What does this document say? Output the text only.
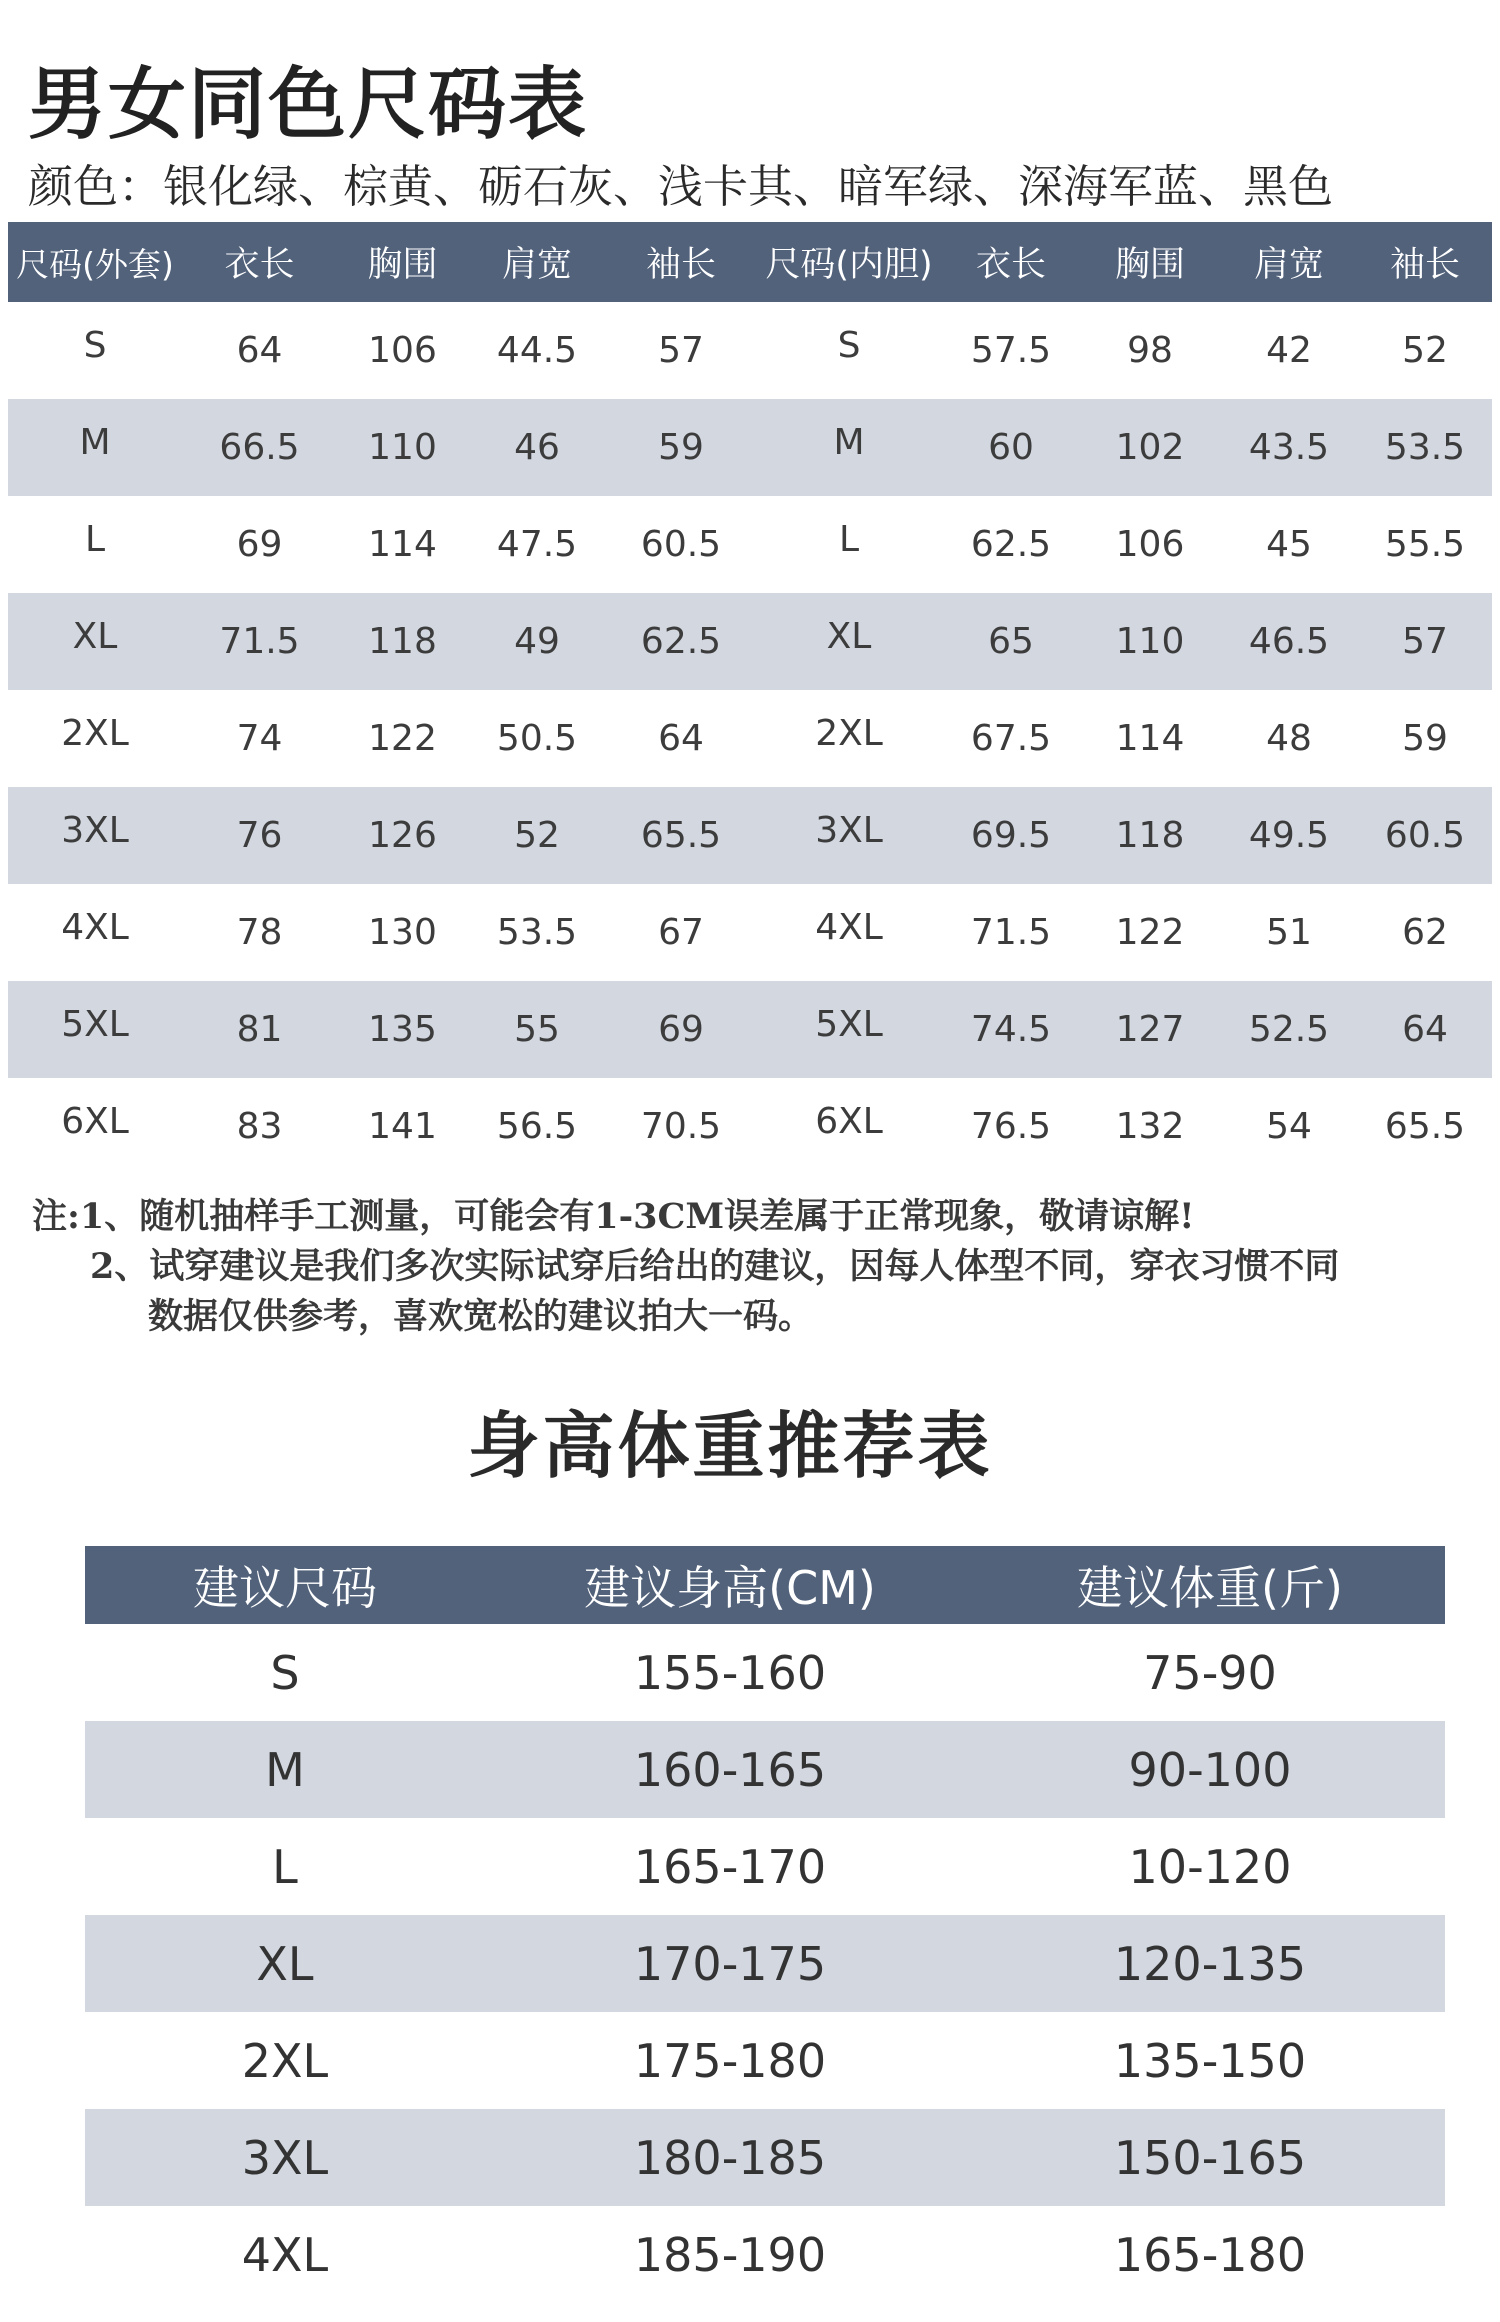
男女同色尺码表
颜色：银化绿、棕黄、砺石灰、浅卡其、暗军绿、深海军蓝、黑色
尺码(外套)	衣长	胸围	肩宽	袖长	尺码(内胆)	衣长	胸围	肩宽	袖长
S	64	106	44.5	57	S	57.5	98	42	52
M	66.5	110	46	59	M	60	102	43.5	53.5
L	69	114	47.5	60.5	L	62.5	106	45	55.5
XL	71.5	118	49	62.5	XL	65	110	46.5	57
2XL	74	122	50.5	64	2XL	67.5	114	48	59
3XL	76	126	52	65.5	3XL	69.5	118	49.5	60.5
4XL	78	130	53.5	67	4XL	71.5	122	51	62
5XL	81	135	55	69	5XL	74.5	127	52.5	64
6XL	83	141	56.5	70.5	6XL	76.5	132	54	65.5
注:1、随机抽样手工测量，可能会有1-3CM误差属于正常现象，敬请谅解!
2、试穿建议是我们多次实际试穿后给出的建议，因每人体型不同，穿衣习惯不同
数据仅供参考，喜欢宽松的建议拍大一码。
身高体重推荐表
建议尺码	建议身高(CM)	建议体重(斤)
S	155-160	75-90
M	160-165	90-100
L	165-170	10-120
XL	170-175	120-135
2XL	175-180	135-150
3XL	180-185	150-165
4XL	185-190	165-180
